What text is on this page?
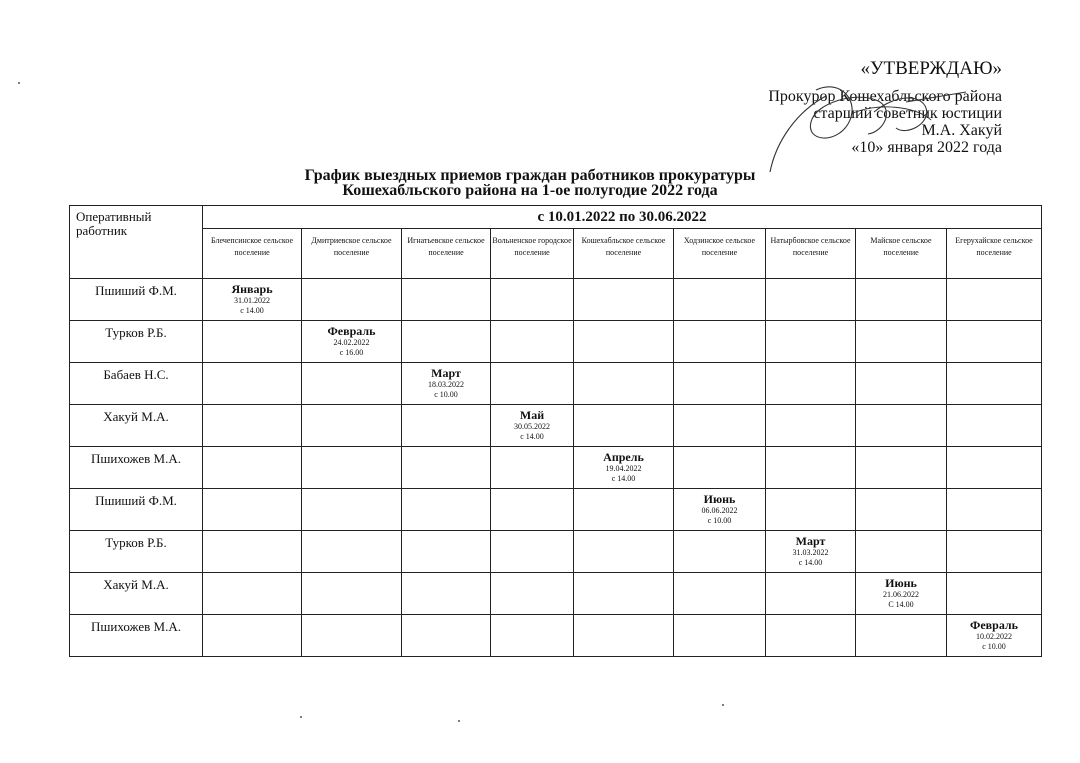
«УТВЕРЖДАЮ»
Прокурор Кошехабльского района
старший советник юстиции
М.А. Хакуй
«10» января 2022 года
График выездных приемов граждан работников прокуратуры
Кошехабльского района на 1-ое полугодие 2022 года
Оперативный работник	с 10.01.2022 по 30.06.2022								
	Блечепсинское сельское поселение	Дмитриевское сельское поселение	Игнатьевское сельское поселение	Вольненское городское поселение	Кошехабльское сельское поселение	Ходзинское сельское поселение	Натырбовское сельское поселение	Майское сельское поселение	Егерухайское сельское поселение
Пшиший Ф.М.	Январь
31.01.2022
с 14.00								

Турков Р.Б.		Февраль
24.02.2022
с 16.00							

Бабаев Н.С.			Март
18.03.2022
с 10.00						

Хакуй М.А.				Май
30.05.2022
с 14.00					

Пшихожев М.А.					Апрель
19.04.2022
с 14.00				

Пшиший Ф.М.						Июнь
06.06.2022
с 10.00			

Турков Р.Б.							Март
31.03.2022
с 14.00		

Хакуй М.А.								Июнь
21.06.2022
С 14.00	

Пшихожев М.А.									Февраль
10.02.2022
с 10.00
